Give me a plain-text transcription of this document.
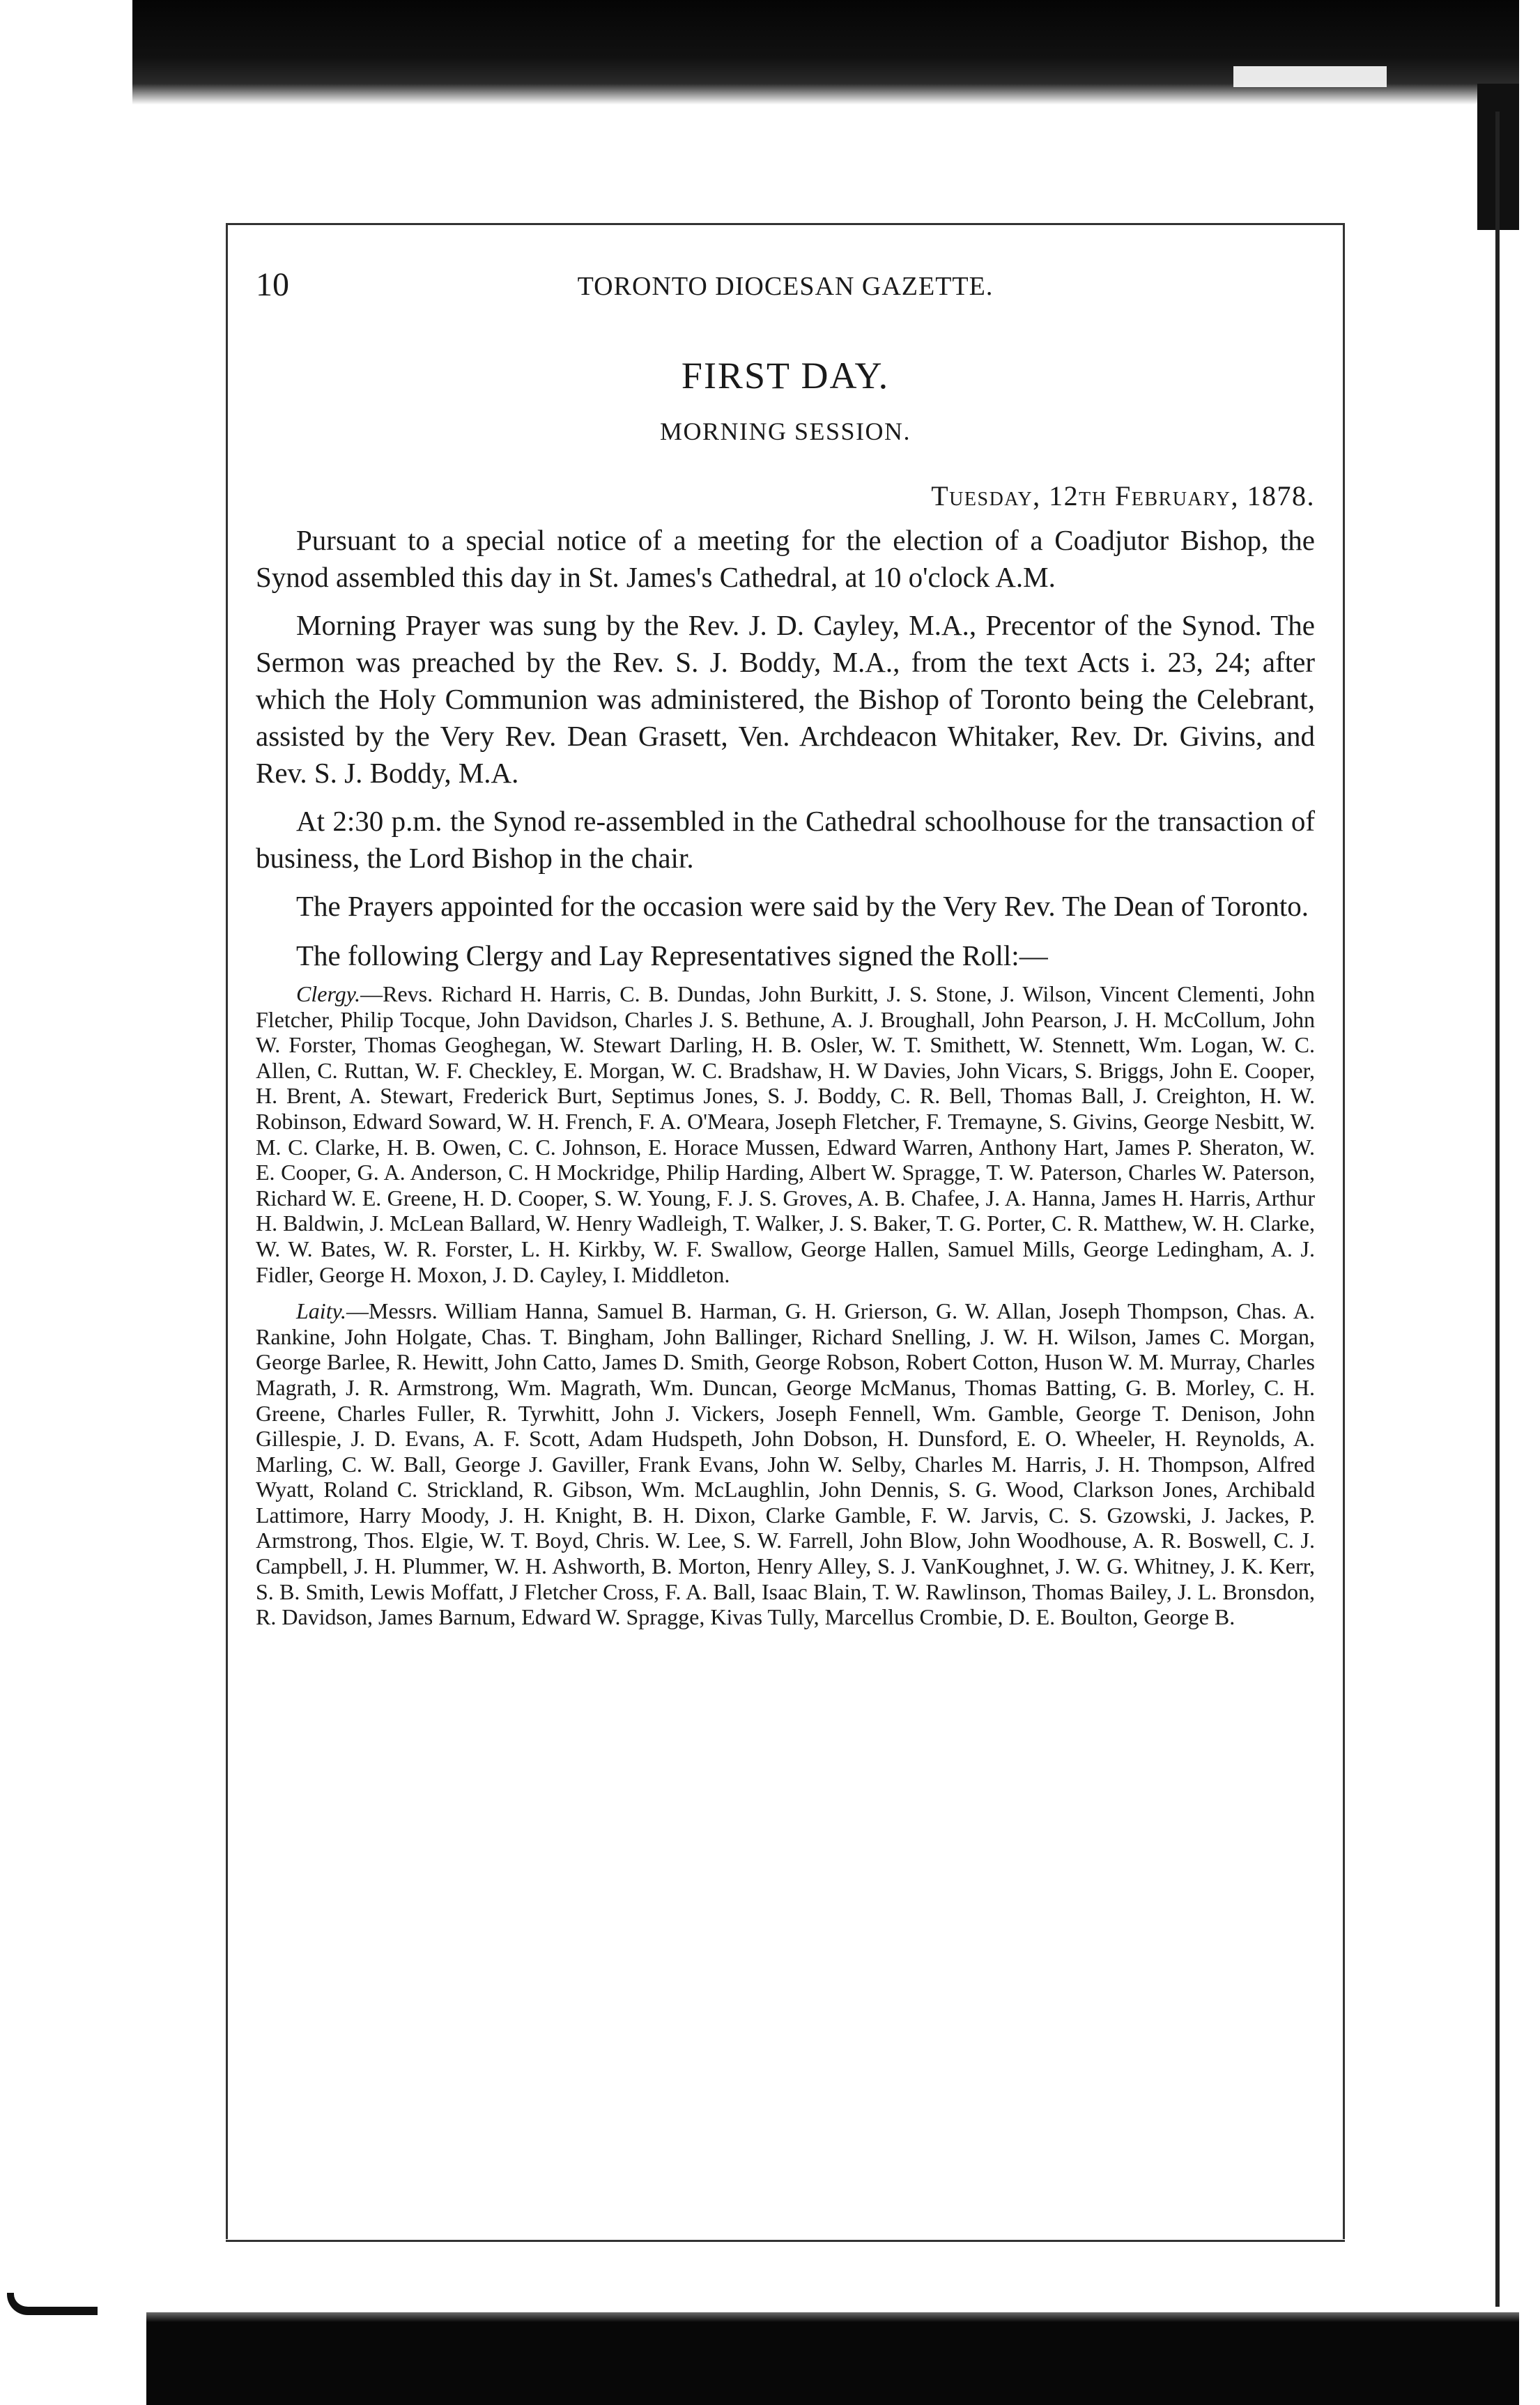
10	TORONTO DIOCESAN GAZETTE.
FIRST DAY.
MORNING SESSION.
Tuesday, 12th February, 1878.

Pursuant to a special notice of a meeting for the election of a Coadjutor Bishop, the Synod assembled this day in St. James's Cathedral, at 10 o'clock A.M.

Morning Prayer was sung by the Rev. J. D. Cayley, M.A., Precentor of the Synod. The Sermon was preached by the Rev. S. J. Boddy, M.A., from the text Acts i. 23, 24; after which the Holy Communion was administered, the Bishop of Toronto being the Celebrant, assisted by the Very Rev. Dean Grasett, Ven. Archdeacon Whitaker, Rev. Dr. Givins, and Rev. S. J. Boddy, M.A.

At 2:30 p.m. the Synod re-assembled in the Cathedral schoolhouse for the transaction of business, the Lord Bishop in the chair.

The Prayers appointed for the occasion were said by the Very Rev. The Dean of Toronto.

The following Clergy and Lay Representatives signed the Roll:—

Clergy.—Revs. Richard H. Harris, C. B. Dundas, John Burkitt, J. S. Stone, J. Wilson, Vincent Clementi, John Fletcher, Philip Tocque, John Davidson, Charles J. S. Bethune, A. J. Broughall, John Pearson, J. H. McCollum, John W. Forster, Thomas Geoghegan, W. Stewart Darling, H. B. Osler, W. T. Smithett, W. Stennett, Wm. Logan, W. C. Allen, C. Ruttan, W. F. Checkley, E. Morgan, W. C. Bradshaw, H. W Davies, John Vicars, S. Briggs, John E. Cooper, H. Brent, A. Stewart, Frederick Burt, Septimus Jones, S. J. Boddy, C. R. Bell, Thomas Ball, J. Creighton, H. W. Robinson, Edward Soward, W. H. French, F. A. O'Meara, Joseph Fletcher, F. Tremayne, S. Givins, George Nesbitt, W. M. C. Clarke, H. B. Owen, C. C. Johnson, E. Horace Mussen, Edward Warren, Anthony Hart, James P. Sheraton, W. E. Cooper, G. A. Anderson, C. H Mockridge, Philip Harding, Albert W. Spragge, T. W. Paterson, Charles W. Paterson, Richard W. E. Greene, H. D. Cooper, S. W. Young, F. J. S. Groves, A. B. Chafee, J. A. Hanna, James H. Harris, Arthur H. Baldwin, J. McLean Ballard, W. Henry Wadleigh, T. Walker, J. S. Baker, T. G. Porter, C. R. Matthew, W. H. Clarke, W. W. Bates, W. R. Forster, L. H. Kirkby, W. F. Swallow, George Hallen, Samuel Mills, George Ledingham, A. J. Fidler, George H. Moxon, J. D. Cayley, I. Middleton.

Laity.—Messrs. William Hanna, Samuel B. Harman, G. H. Grierson, G. W. Allan, Joseph Thompson, Chas. A. Rankine, John Holgate, Chas. T. Bingham, John Ballinger, Richard Snelling, J. W. H. Wilson, James C. Morgan, George Barlee, R. Hewitt, John Catto, James D. Smith, George Robson, Robert Cotton, Huson W. M. Murray, Charles Magrath, J. R. Armstrong, Wm. Magrath, Wm. Duncan, George McManus, Thomas Batting, G. B. Morley, C. H. Greene, Charles Fuller, R. Tyrwhitt, John J. Vickers, Joseph Fennell, Wm. Gamble, George T. Denison, John Gillespie, J. D. Evans, A. F. Scott, Adam Hudspeth, John Dobson, H. Dunsford, E. O. Wheeler, H. Reynolds, A. Marling, C. W. Ball, George J. Gaviller, Frank Evans, John W. Selby, Charles M. Harris, J. H. Thompson, Alfred Wyatt, Roland C. Strickland, R. Gibson, Wm. McLaughlin, John Dennis, S. G. Wood, Clarkson Jones, Archibald Lattimore, Harry Moody, J. H. Knight, B. H. Dixon, Clarke Gamble, F. W. Jarvis, C. S. Gzowski, J. Jackes, P. Armstrong, Thos. Elgie, W. T. Boyd, Chris. W. Lee, S. W. Farrell, John Blow, John Woodhouse, A. R. Boswell, C. J. Campbell, J. H. Plummer, W. H. Ashworth, B. Morton, Henry Alley, S. J. VanKoughnet, J. W. G. Whitney, J. K. Kerr, S. B. Smith, Lewis Moffatt, J Fletcher Cross, F. A. Ball, Isaac Blain, T. W. Rawlinson, Thomas Bailey, J. L. Bronsdon, R. Davidson, James Barnum, Edward W. Spragge, Kivas Tully, Marcellus Crombie, D. E. Boulton, George B.
